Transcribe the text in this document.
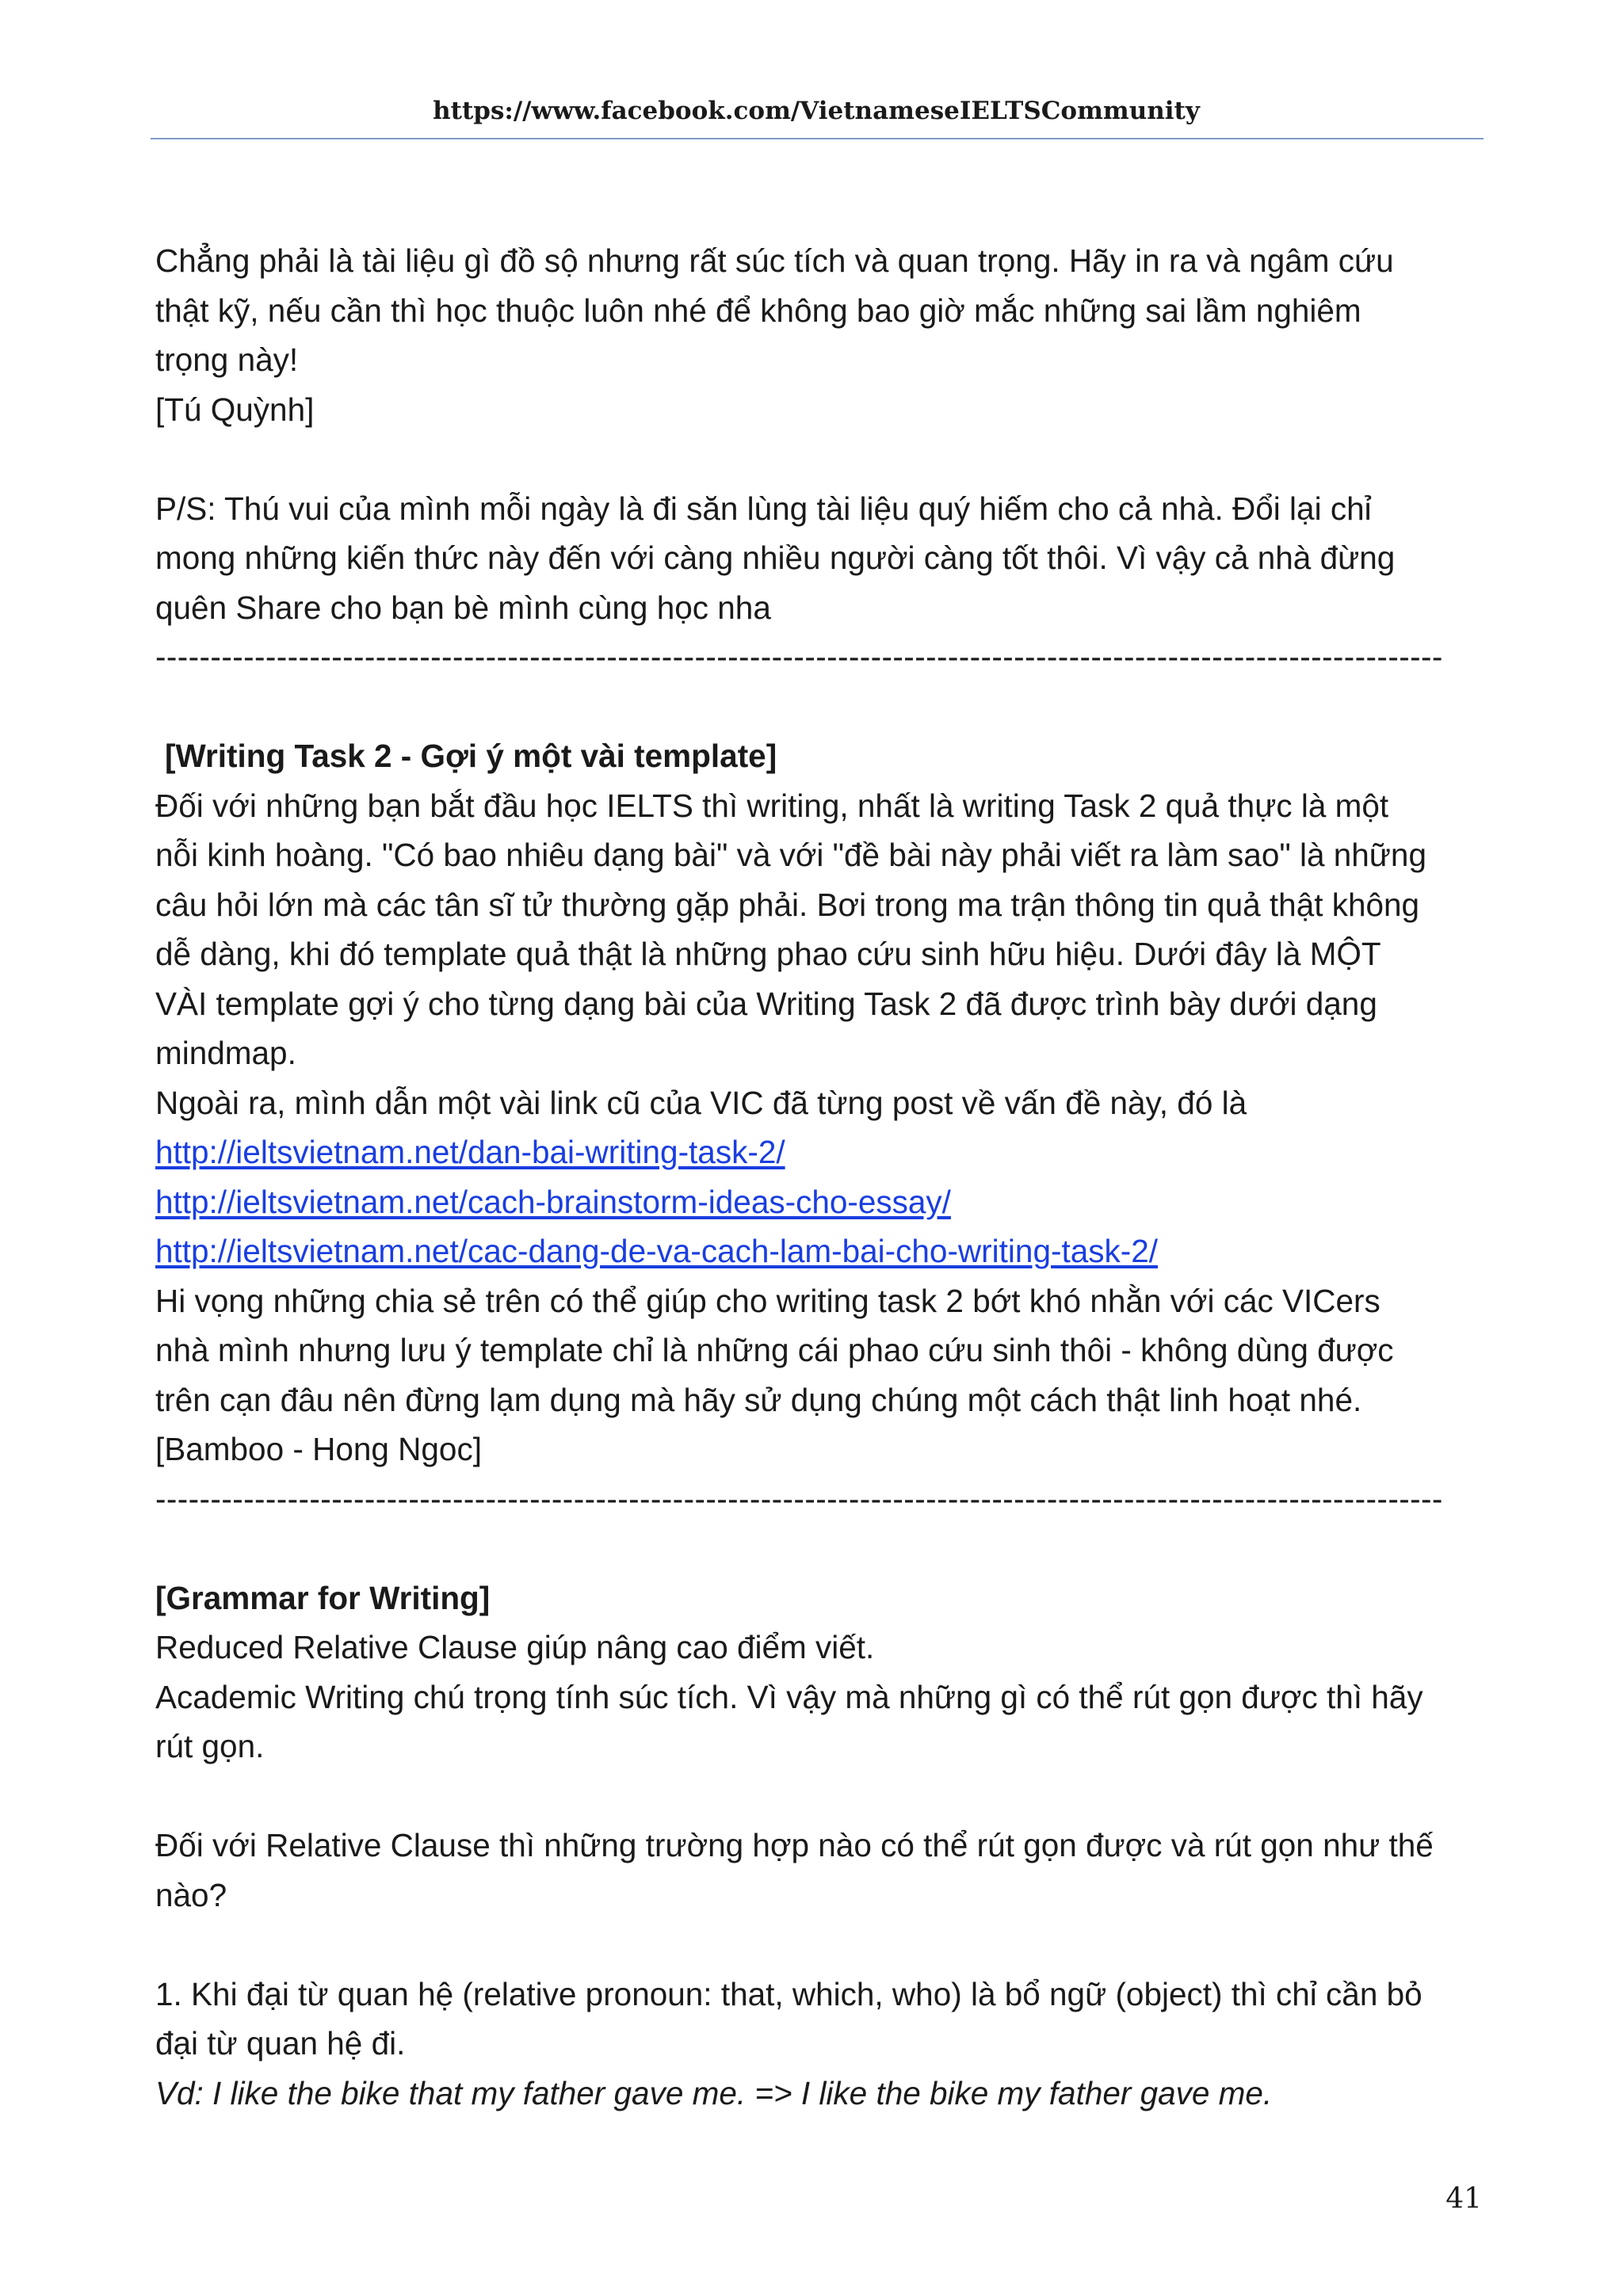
https://www.facebook.com/VietnameseIELTSCommunity
Chẳng phải là tài liệu gì đồ sộ nhưng rất súc tích và quan trọng. Hãy in ra và ngâm cứu
thật kỹ, nếu cần thì học thuộc luôn nhé để không bao giờ mắc những sai lầm nghiêm
trọng này!
[Tú Quỳnh]
P/S: Thú vui của mình mỗi ngày là đi săn lùng tài liệu quý hiếm cho cả nhà. Đổi lại chỉ
mong những kiến thức này đến với càng nhiều người càng tốt thôi. Vì vậy cả nhà đừng
quên Share cho bạn bè mình cùng học nha
---------------------------------------------------------------------------------------------------------------------
[Writing Task 2 - Gợi ý một vài template]
Đối với những bạn bắt đầu học IELTS thì writing, nhất là writing Task 2 quả thực là một
nỗi kinh hoàng. "Có bao nhiêu dạng bài" và với "đề bài này phải viết ra làm sao" là những
câu hỏi lớn mà các tân sĩ tử thường gặp phải. Bơi trong ma trận thông tin quả thật không
dễ dàng, khi đó template quả thật là những phao cứu sinh hữu hiệu. Dưới đây là MỘT
VÀI template gợi ý cho từng dạng bài của Writing Task 2 đã được trình bày dưới dạng
mindmap.
Ngoài ra, mình dẫn một vài link cũ của VIC đã từng post về vấn đề này, đó là
http://ieltsvietnam.net/dan-bai-writing-task-2/
http://ieltsvietnam.net/cach-brainstorm-ideas-cho-essay/
http://ieltsvietnam.net/cac-dang-de-va-cach-lam-bai-cho-writing-task-2/
Hi vọng những chia sẻ trên có thể giúp cho writing task 2 bớt khó nhằn với các VICers
nhà mình nhưng lưu ý template chỉ là những cái phao cứu sinh thôi - không dùng được
trên cạn đâu nên đừng lạm dụng mà hãy sử dụng chúng một cách thật linh hoạt nhé.
[Bamboo - Hong Ngoc]
---------------------------------------------------------------------------------------------------------------------
[Grammar for Writing]
Reduced Relative Clause giúp nâng cao điểm viết.
Academic Writing chú trọng tính súc tích. Vì vậy mà những gì có thể rút gọn được thì hãy
rút gọn.
Đối với Relative Clause thì những trường hợp nào có thể rút gọn được và rút gọn như thế
nào?
1. Khi đại từ quan hệ (relative pronoun: that, which, who) là bổ ngữ (object) thì chỉ cần bỏ
đại từ quan hệ đi.
Vd: I like the bike that my father gave me. => I like the bike my father gave me.
41
